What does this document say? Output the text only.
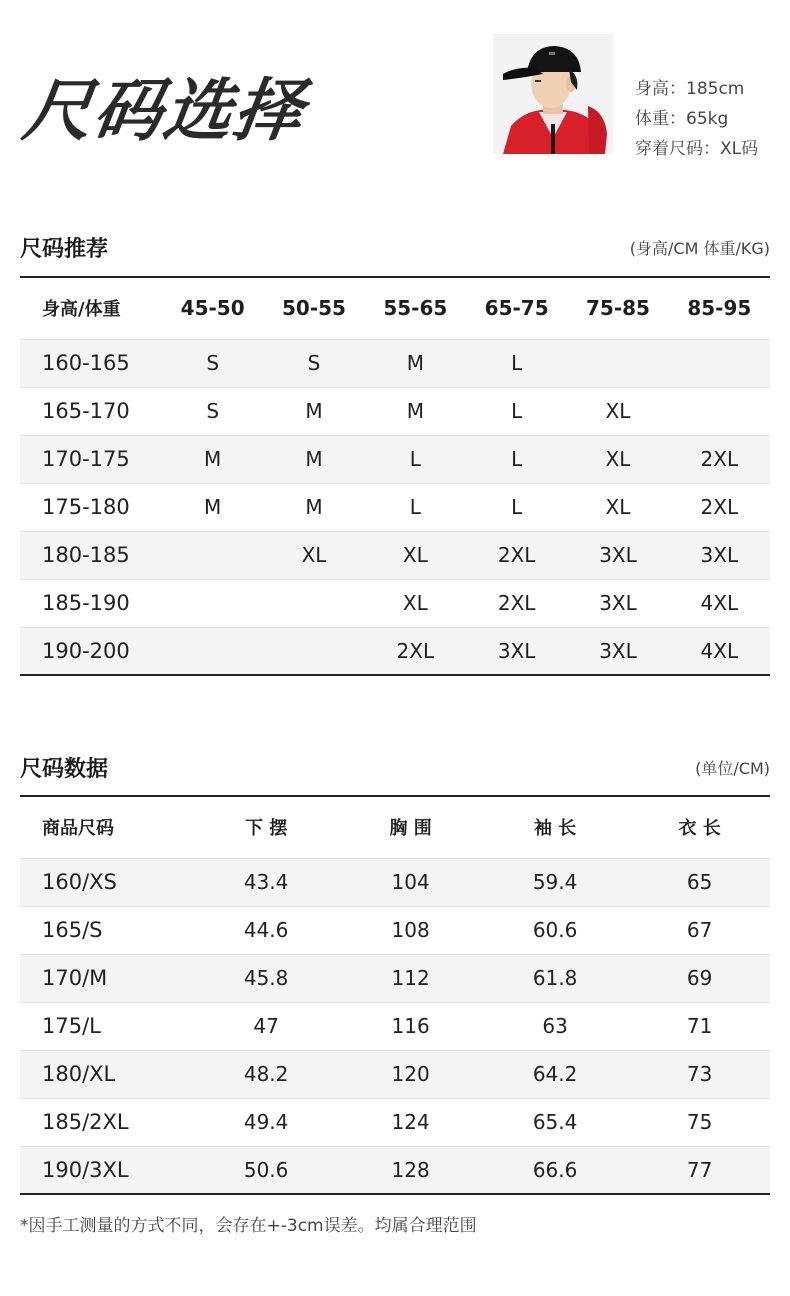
尺码选择	身高：185cm
体重：65kg
穿着尺码：XL码
尺码推荐	(身高/CM 体重/KG)
身高/体重	45-50	50-55	55-65	65-75	75-85	85-95
160-165	S	S	M	L		
165-170	S	M	M	L	XL	
170-175	M	M	L	L	XL	2XL
175-180	M	M	L	L	XL	2XL
180-185		XL	XL	2XL	3XL	3XL
185-190			XL	2XL	3XL	4XL
190-200			2XL	3XL	3XL	4XL
尺码数据	(单位/CM)
商品尺码	下 摆	胸 围	袖 长	衣 长
160/XS	43.4	104	59.4	65
165/S	44.6	108	60.6	67
170/M	45.8	112	61.8	69
175/L	47	116	63	71
180/XL	48.2	120	64.2	73
185/2XL	49.4	124	65.4	75
190/3XL	50.6	128	66.6	77
*因手工测量的方式不同，会存在+-3cm误差。均属合理范围
